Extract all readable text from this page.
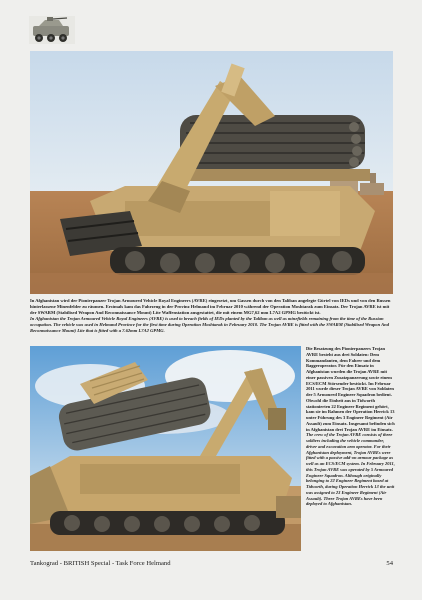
In Afghanistan wird der Pionierpanzer Trojan Armoured Vehicle Royal Engineers (AVRE) eingesetzt, um Gassen durch von den Taliban angelegte Gürtel von IEDs und von den Russen hinterlassene Minenfelder zu räumen. Erstmals kam das Fahrzeug in der Provinz Helmand im Februar 2010 während der Operation Moshtarak zum Einsatz. Der Trojan AVRE ist mit der SWARM (Stabilised Weapon And Reconnaissance Mount) Lite Waffenstation ausgestattet, die mit einem MG7,62 mm L7A2 GPMG bestückt ist.

In Afghanistan the Trojan Armoured Vehicle Royal Engineers (AVRE) is used to breach fields of IEDs planted by the Taliban as well as minefields remaining from the time of the Russian occupation. The vehicle was used in Helmand Province for the first time during Operation Moshtarak in February 2010. The Trojan AVRE is fitted with the SWARM (Stabilised Weapon And Reconnaissance Mount) Lite that is fitted with a 7.62mm L7A2 GPMG.

Die Besatzung des Pionierpanzers Trojan AVRE besteht aus drei Soldaten: Dem Kommandanten, dem Fahrer und dem Baggeroperator. Für den Einsatz in Afghanistan wurden die Trojan AVRE mit einer passiven Zusatzpanzerung sowie einem ECS/ECM Störsender bestückt. Im Februar 2011 wurde dieser Trojan AVRE von Soldaten der 5 Armoured Engineer Squadron bedient. Obwohl die Einheit aus in Tidworth stationierten 22 Engineer Regiment gehört, kam sie im Rahmen der Operation Herrick 13 unter Führung des 3 Engineer Regiment (Air Assault) zum Einsatz. Insgesamt befinden sich in Afghanistan drei Trojan AVRE im Einsatz.

The crew of the Trojan AVRE consists of three soldiers including the vehicle commander, driver and excavation arm operator. For their Afghanistan deployment, Trojan AVREs were fitted with a passive add-on armour package as well as an ECS/ECM system. In February 2011, this Trojan AVRE was operated by 5 Armoured Engineer Squadron. Although originally belonging to 22 Engineer Regiment based at Tidworth, during Operation Herrick 13 the unit was assigned to 23 Engineer Regiment (Air Assault). Three Trojan AVREs have been deployed to Afghanistan.

Tankograd - BRITISH Special - Task Force Helmand	54
